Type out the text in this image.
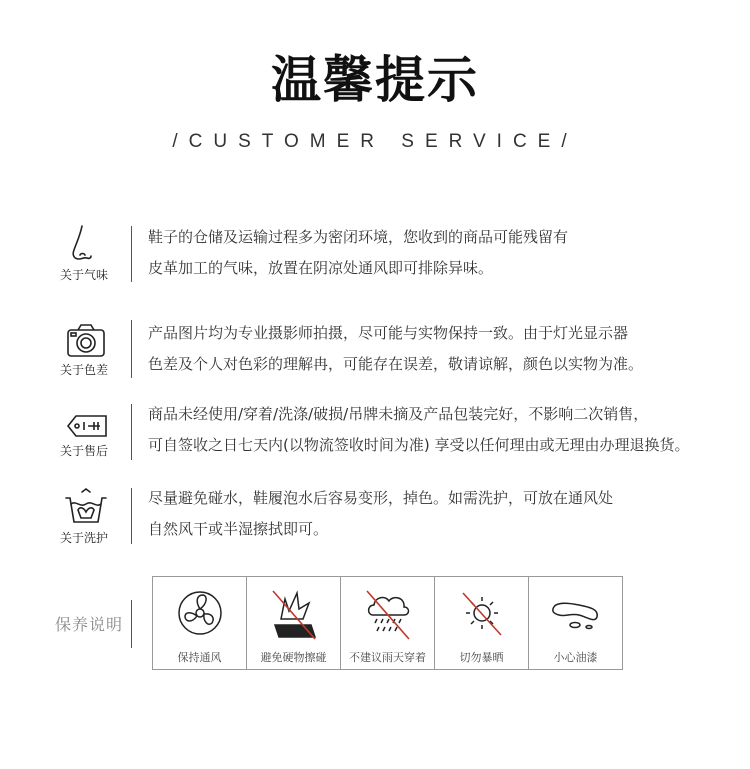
温馨提示
/CUSTOMER SERVICE/
关于气味
鞋子的仓储及运输过程多为密闭环境，您收到的商品可能残留有
皮革加工的气味，放置在阴凉处通风即可排除异味。
关于色差
产品图片均为专业摄影师拍摄，尽可能与实物保持一致。由于灯光显示器
色差及个人对色彩的理解冉，可能存在误差，敬请谅解，颜色以实物为准。
关于售后
商品未经使用/穿着/洗涤/破损/吊牌未摘及产品包装完好，不影响二次销售，
可自签收之日七天内(以物流签收时间为准) 享受以任何理由或无理由办理退换货。
关于洗护
尽量避免碰水，鞋履泡水后容易变形，掉色。如需洗护，可放在通风处
自然风干或半湿擦拭即可。
保养说明
保持通风	避免硬物擦碰	不建议雨天穿着	切勿暴晒	小心油漆
